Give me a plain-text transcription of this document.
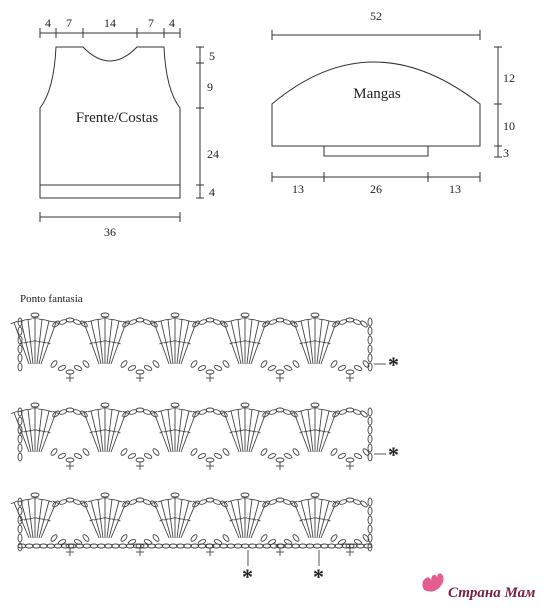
4 7	14	7 4
Frente/Costas
5
9
24
4
36
52
Mangas
12
10
3
13	26	13
Ponto fantasia
*
*
*	*
Страна Мам
